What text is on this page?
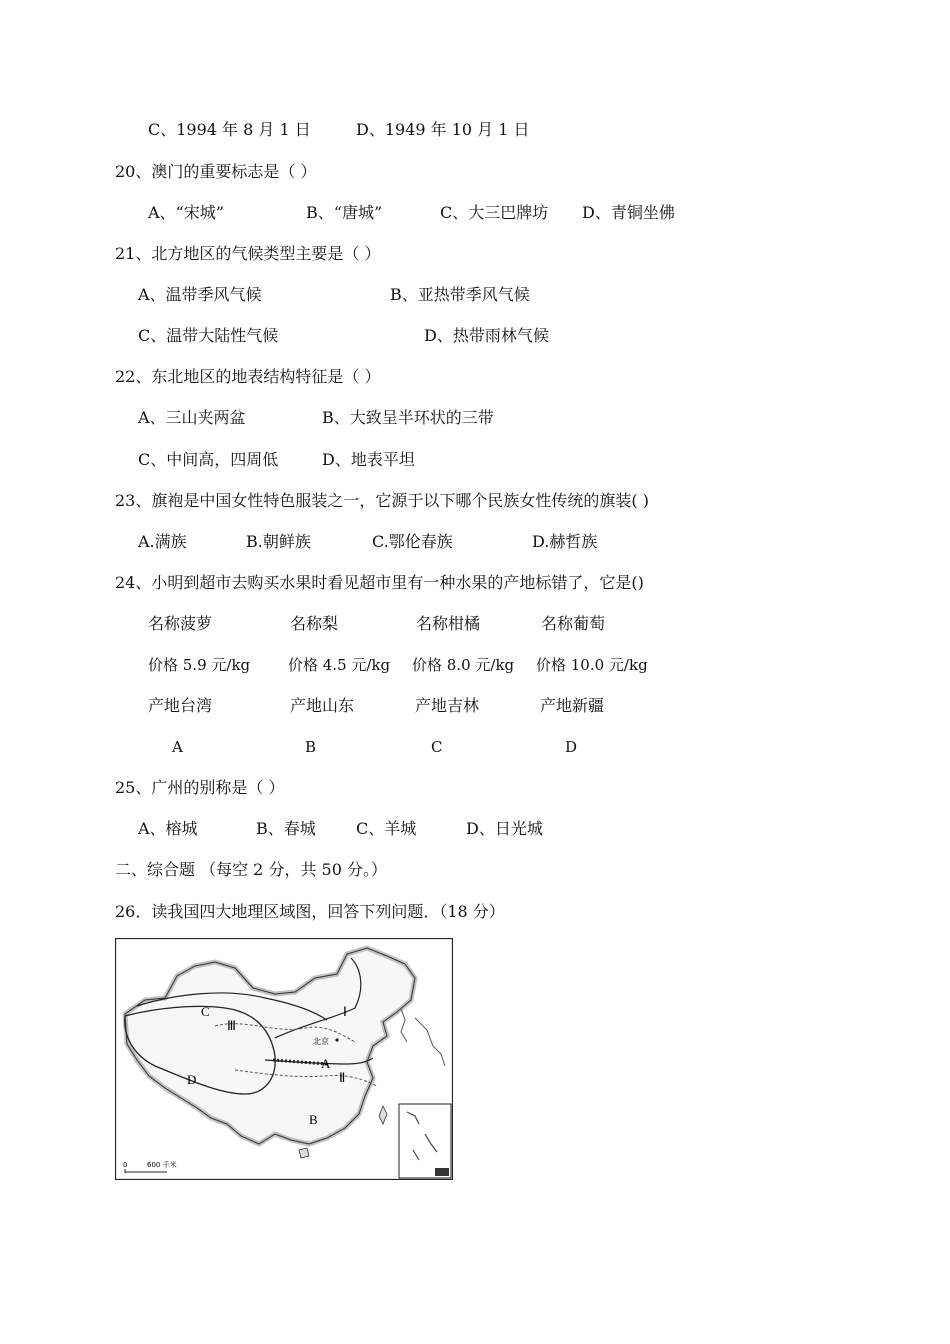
C、1994 年 8 月 1 日	D、1949 年 10 月 1 日
20、澳门的重要标志是（ ）
A、“宋城”	B、“唐城”	C、大三巴牌坊 D、青铜坐佛
21、北方地区的气候类型主要是（ ）
A、温带季风气候	B、亚热带季风气候
C、温带大陆性气候	D、热带雨林气候
22、东北地区的地表结构特征是（ ）
A、三山夹两盆	B、大致呈半环状的三带
C、中间高，四周低	D、地表平坦
23、旗袍是中国女性特色服装之一，它源于以下哪个民族女性传统的旗装( )
A.满族	B.朝鲜族	C.鄂伦春族	D.赫哲族
24、小明到超市去购买水果时看见超市里有一种水果的产地标错了，它是()
名称菠萝	名称梨	名称柑橘	名称葡萄
价格 5.9 元/kg	价格 4.5 元/kg 价格 8.0 元/kg 价格 10.0 元/kg
产地台湾	产地山东	产地吉林	产地新疆
A	B	C	D
25、广州的别称是（ ）
A、榕城	B、春城	C、羊城	D、日光城
二、综合题 （每空 2 分，共 50 分。）
26．读我国四大地理区域图，回答下列问题．（18 分）
C
D
B
A
Ⅰ
Ⅱ
Ⅲ
北京
0	600 千米
